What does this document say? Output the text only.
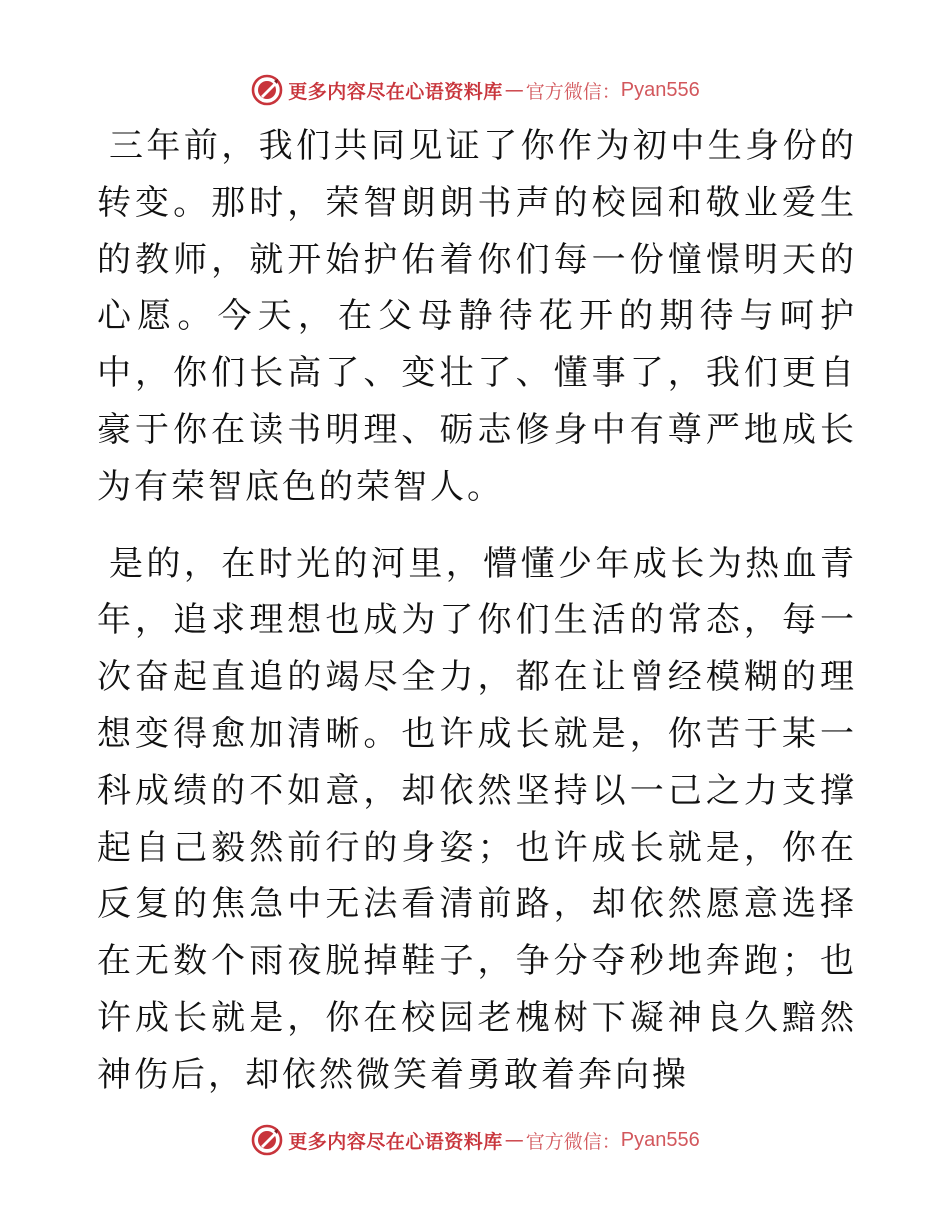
更多内容尽在心语资料库 — 官方微信： Pyan556

三年前，我们共同见证了你作为初中生身份的转变。那时，荣智朗朗书声的校园和敬业爱生的教师，就开始护佑着你们每一份憧憬明天的心愿。今天，在父母静待花开的期待与呵护中，你们长高了、变壮了、懂事了，我们更自豪于你在读书明理、砺志修身中有尊严地成长为有荣智底色的荣智人。

是的，在时光的河里，懵懂少年成长为热血青年，追求理想也成为了你们生活的常态，每一次奋起直追的竭尽全力，都在让曾经模糊的理想变得愈加清晰。也许成长就是，你苦于某一科成绩的不如意，却依然坚持以一己之力支撑起自己毅然前行的身姿；也许成长就是，你在反复的焦急中无法看清前路，却依然愿意选择在无数个雨夜脱掉鞋子，争分夺秒地奔跑；也许成长就是，你在校园老槐树下凝神良久黯然神伤后，却依然微笑着勇敢着奔向操

更多内容尽在心语资料库 — 官方微信： Pyan556
